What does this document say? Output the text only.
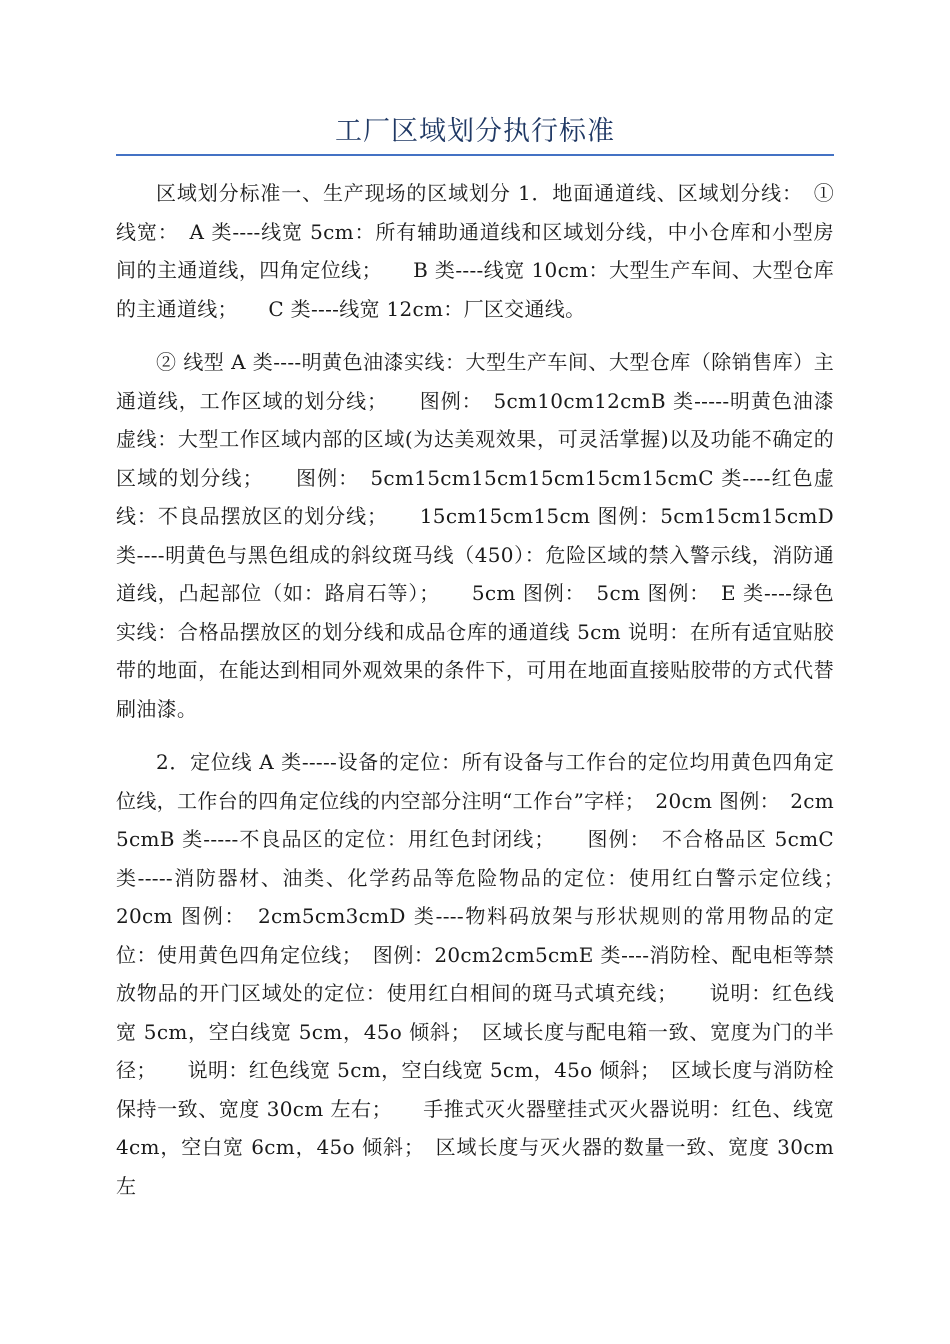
工厂区域划分执行标准

区域划分标准一、生产现场的区域划分 1．地面通道线、区域划分线：　①线宽：　A 类----线宽 5cm：所有辅助通道线和区域划分线，中小仓库和小型房间的主通道线，四角定位线；　　B 类----线宽 10cm：大型生产车间、大型仓库的主通道线；　　C 类----线宽 12cm：厂区交通线。

② 线型 A 类----明黄色油漆实线：大型生产车间、大型仓库（除销售库）主通道线，工作区域的划分线；　　图例：　5cm10cm12cmB 类-----明黄色油漆虚线：大型工作区域内部的区域(为达美观效果，可灵活掌握)以及功能不确定的区域的划分线；　　图例：　5cm15cm15cm15cm15cm15cmC 类----红色虚线：不良品摆放区的划分线；　　15cm15cm15cm 图例：5cm15cm15cmD 类----明黄色与黑色组成的斜纹斑马线（450）：危险区域的禁入警示线，消防通道线，凸起部位（如：路肩石等）；　　5cm 图例：　5cm 图例：　E 类----绿色实线：合格品摆放区的划分线和成品仓库的通道线 5cm 说明：在所有适宜贴胶带的地面，在能达到相同外观效果的条件下，可用在地面直接贴胶带的方式代替刷油漆。

2．定位线 A 类-----设备的定位：所有设备与工作台的定位均用黄色四角定位线，工作台的四角定位线的内空部分注明“工作台”字样；　20cm 图例：　2cm5cmB 类-----不良品区的定位：用红色封闭线；　　图例：　不合格品区 5cmC 类-----消防器材、油类、化学药品等危险物品的定位：使用红白警示定位线；　　20cm 图例：　2cm5cm3cmD 类----物料码放架与形状规则的常用物品的定位：使用黄色四角定位线；　图例：20cm2cm5cmE 类----消防栓、配电柜等禁放物品的开门区域处的定位：使用红白相间的斑马式填充线；　　说明：红色线宽 5cm，空白线宽 5cm，45o 倾斜；　区域长度与配电箱一致、宽度为门的半径；　　说明：红色线宽 5cm，空白线宽 5cm，45o 倾斜；　区域长度与消防栓保持一致、宽度 30cm 左右；　　手推式灭火器壁挂式灭火器说明：红色、线宽 4cm，空白宽 6cm，45o 倾斜；　区域长度与灭火器的数量一致、宽度 30cm 左
